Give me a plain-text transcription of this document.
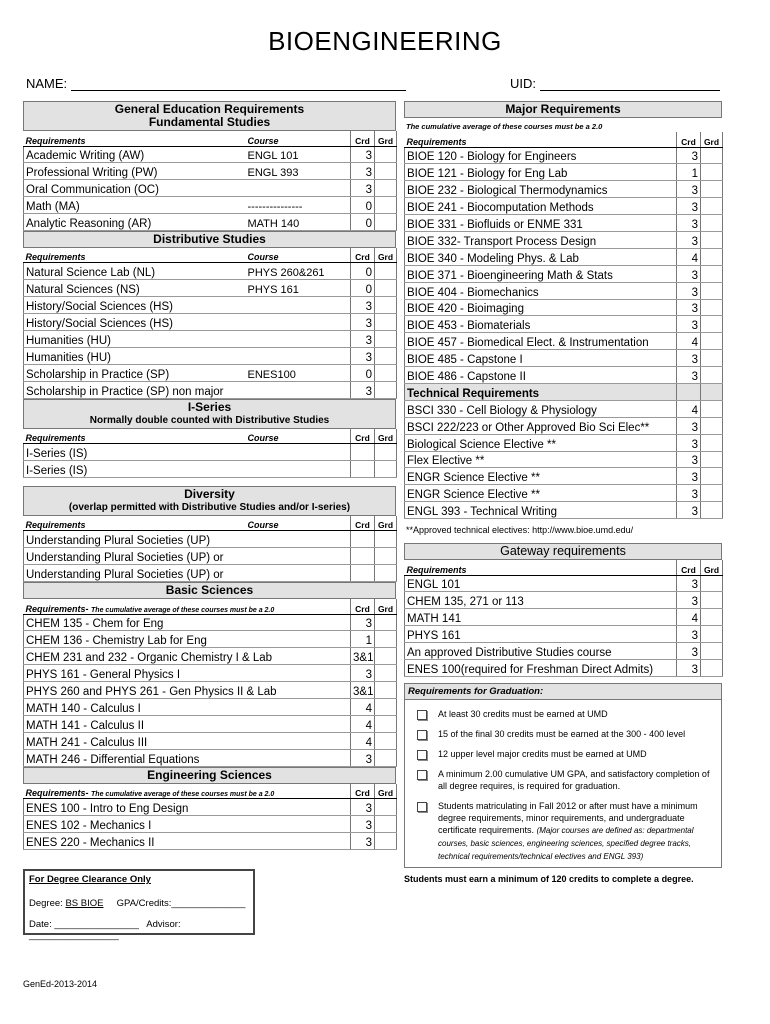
BIOENGINEERING
NAME:	UID:
General Education Requirements
Fundamental Studies
Requirements	Course	Crd	Grd
Academic Writing (AW)	ENGL 101	3	
Professional Writing (PW)	ENGL 393	3	
Oral Communication (OC)		3	
Math (MA)	---------------	0	
Analytic Reasoning (AR)	MATH 140	0	
Distributive Studies
Requirements	Course	Crd	Grd
Natural Science Lab (NL)	PHYS 260&261	0	
Natural Sciences (NS)	PHYS 161	0	
History/Social Sciences (HS)		3	
History/Social Sciences (HS)		3	
Humanities (HU)		3	
Humanities (HU)		3	
Scholarship in Practice (SP)	ENES100	0	
Scholarship in Practice (SP) non major		3	
I-Series
Normally double counted with Distributive Studies
Requirements	Course	Crd	Grd
I-Series (IS)			
I-Series (IS)			
Diversity
(overlap permitted with Distributive Studies and/or I-series)
Requirements	Course	Crd	Grd
Understanding Plural Societies (UP)			
Understanding Plural Societies (UP) or			
Understanding Plural Societies (UP) or			
Basic Sciences
Requirements- The cumulative average of these courses must be a 2.0	Crd	Grd
CHEM 135 - Chem for Eng	3	
CHEM 136 - Chemistry Lab for Eng	1	
CHEM 231 and 232 - Organic Chemistry I & Lab	3&1	
PHYS 161 - General Physics I	3	
PHYS 260 and PHYS 261 - Gen Physics II & Lab	3&1	
MATH 140 - Calculus I	4	
MATH 141 - Calculus II	4	
MATH 241 - Calculus III	4	
MATH 246 - Differential Equations	3	
Engineering Sciences
Requirements- The cumulative average of these courses must be a 2.0	Crd	Grd
ENES 100 - Intro to Eng Design	3	
ENES 102 - Mechanics I	3	
ENES 220 - Mechanics II	3	
Major Requirements
The cumulative average of these courses must be a 2.0
Requirements	Crd	Grd
BIOE 120 - Biology for Engineers	3	
BIOE 121 - Biology for Eng Lab	1	
BIOE 232 - Biological Thermodynamics	3	
BIOE 241 - Biocomputation Methods	3	
BIOE 331 - Biofluids or ENME 331	3	
BIOE 332- Transport Process Design	3	
BIOE 340 - Modeling Phys. & Lab	4	
BIOE 371 - Bioengineering Math & Stats	3	
BIOE 404 - Biomechanics	3	
BIOE 420 - Bioimaging	3	
BIOE 453 - Biomaterials	3	
BIOE 457 - Biomedical Elect. & Instrumentation	4	
BIOE 485 - Capstone I	3	
BIOE 486 - Capstone II	3	
Technical Requirements		
BSCI 330 - Cell Biology & Physiology	4	
BSCI 222/223 or Other Approved Bio Sci Elec**	3	
Biological Science Elective **	3	
Flex Elective **	3	
ENGR Science Elective **	3	
ENGR Science Elective **	3	
ENGL 393 - Technical Writing	3	
**Approved technical electives: http://www.bioe.umd.edu/
Gateway requirements
Requirements	Crd	Grd
ENGL 101	3	
CHEM 135, 271 or 113	3	
MATH 141	4	
PHYS 161	3	
An approved Distributive Studies course	3	
ENES 100(required for Freshman Direct Admits)	3	
Requirements for Graduation:
At least 30 credits must be earned at UMD
15 of the final 30 credits must be earned at the 300 - 400 level
12 upper level major credits must be earned at UMD
A minimum 2.00 cumulative UM GPA, and satisfactory completion of all degree requires, is required for graduation.
Students matriculating in Fall 2012 or after must have a minimum degree requirements, minor requirements, and undergraduate certificate requirements. (Major courses are defined as: departmental courses, basic sciences, engineering sciences, specified degree tracks, technical requirements/technical electives and ENGL 393)
Students must earn a minimum of 120 credits to complete a degree.
For Degree Clearance Only
Degree: BS BIOE GPA/Credits:______________
Date: ________________ Advisor: _________________
GenEd-2013-2014
